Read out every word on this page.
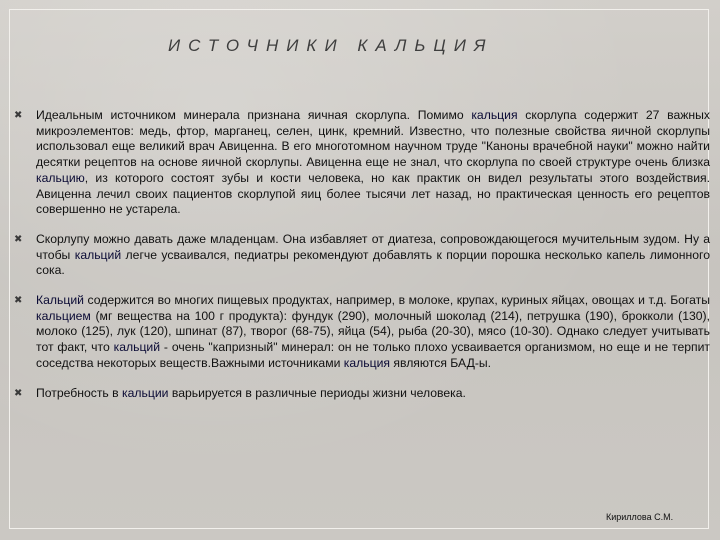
ИСТОЧНИКИ КАЛЬЦИЯ
✖ Идеальным источником минерала признана яичная скорлупа. Помимо кальция скорлупа содержит 27 важных микроэлементов: медь, фтор, марганец, селен, цинк, кремний. Известно, что полезные свойства яичной скорлупы использовал еще великий врач Авиценна. В его многотомном научном труде "Каноны врачебной науки" можно найти десятки рецептов на основе яичной скорлупы. Авиценна еще не знал, что скорлупа по своей структуре очень близка кальцию, из которого состоят зубы и кости человека, но как практик он видел результаты этого воздействия. Авиценна лечил своих пациентов скорлупой яиц более тысячи лет назад, но практическая ценность его рецептов совершенно не устарела.
✖ Скорлупу можно давать даже младенцам. Она избавляет от диатеза, сопровождающегося мучительным зудом. Ну а чтобы кальций легче усваивался, педиатры рекомендуют добавлять к порции порошка несколько капель лимонного сока.
✖ Кальций содержится во многих пищевых продуктах, например, в молоке, крупах, куриных яйцах, овощах и т.д. Богаты кальцием (мг вещества на 100 г продукта): фундук (290), молочный шоколад (214), петрушка (190), брокколи (130), молоко (125), лук (120), шпинат (87), творог (68-75), яйца (54), рыба (20-30), мясо (10-30). Однако следует учитывать тот факт, что кальций - очень "капризный" минерал: он не только плохо усваивается организмом, но еще и не терпит соседства некоторых веществ.Важными источниками кальция являются БАД-ы.
✖ Потребность в кальции варьируется в различные периоды жизни человека.
Кириллова С.М.
